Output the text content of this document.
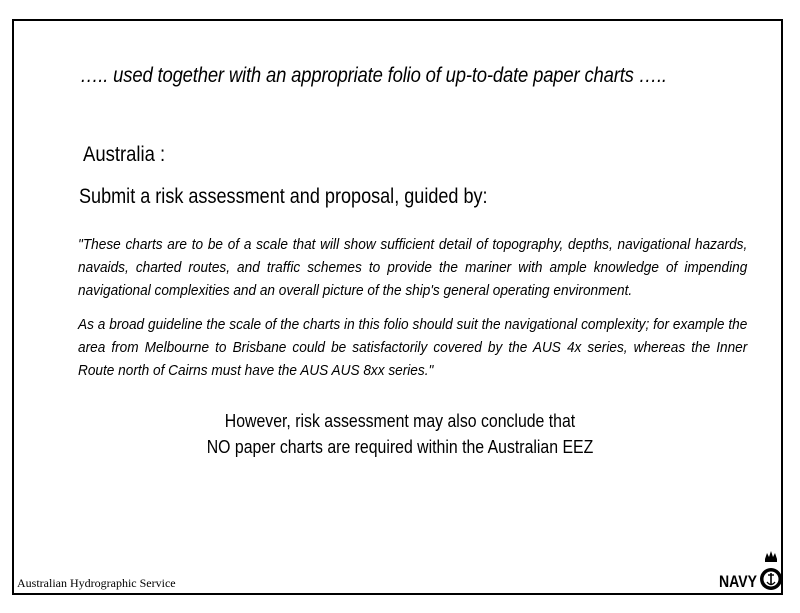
….. used together with an appropriate folio of up-to-date paper charts …..
Australia :
Submit a risk assessment and proposal, guided by:
"These charts are to be of a scale that will show sufficient detail of topography, depths, navigational hazards, navaids, charted routes, and traffic schemes to provide the mariner with ample knowledge of impending navigational complexities and an overall picture of the ship's general operating environment.
As a broad guideline the scale of the charts in this folio should suit the navigational complexity; for example the area from Melbourne to Brisbane could be satisfactorily covered by the AUS 4x series, whereas the Inner Route north of Cairns must have the AUS AUS 8xx series."
However, risk assessment may also conclude that
NO paper charts are required within the Australian EEZ
Australian Hydrographic Service	NAVY
